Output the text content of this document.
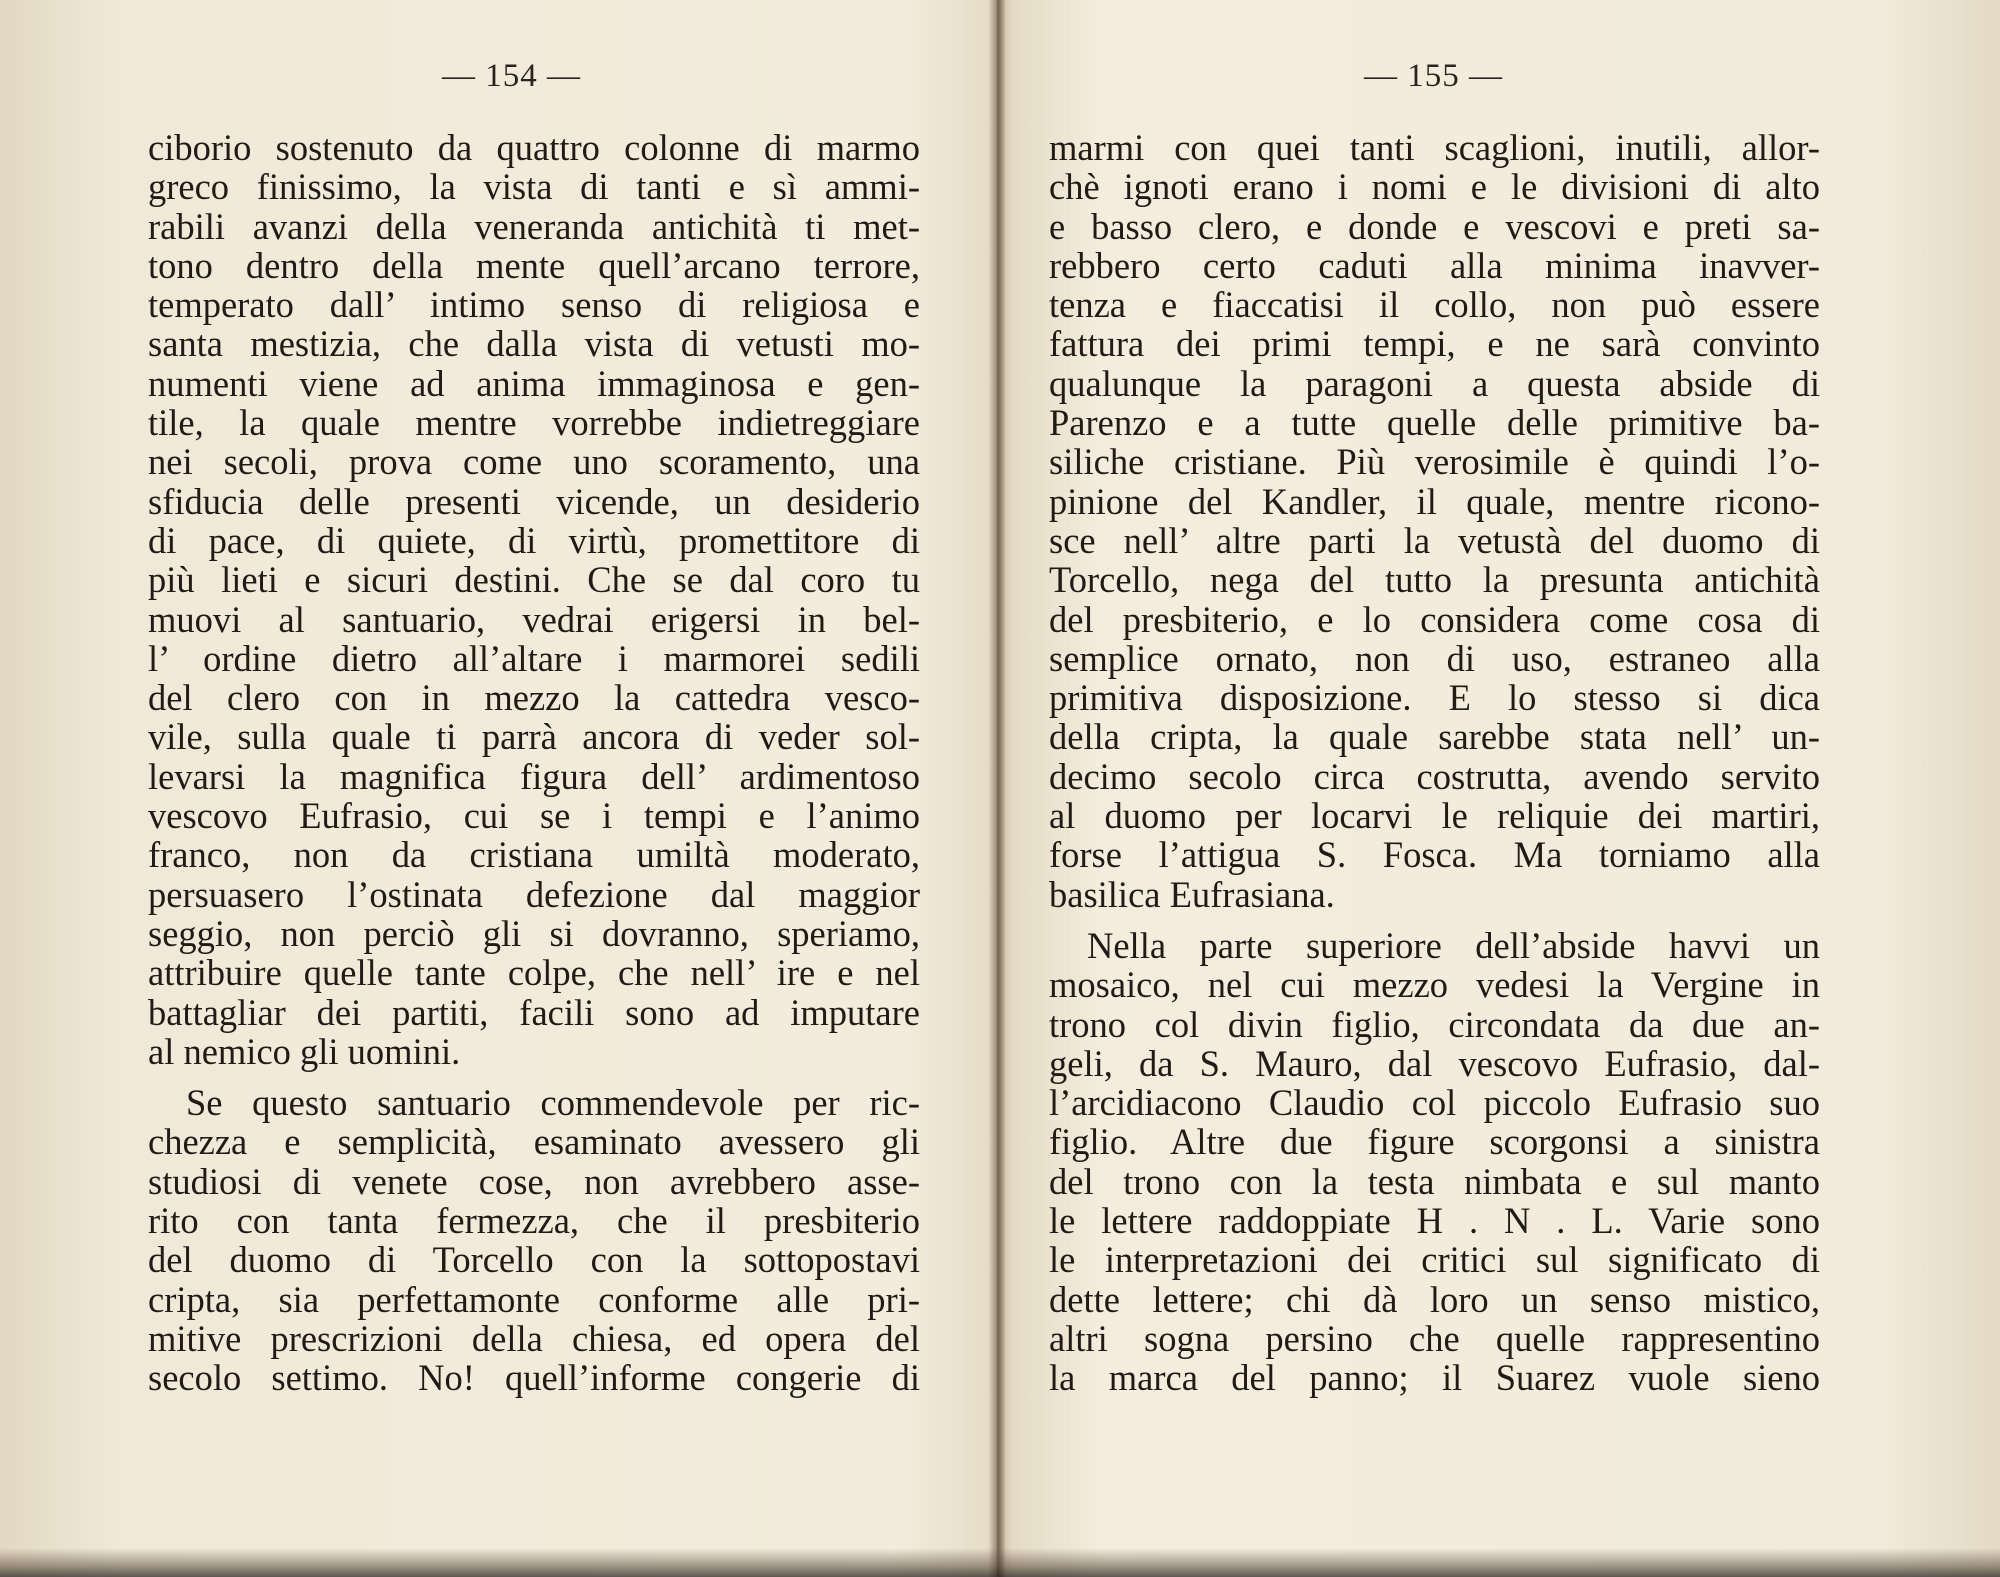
— 154 —
ciborio sostenuto da quattro colonne di marmo
greco finissimo, la vista di tanti e sì ammi-
rabili avanzi della veneranda antichità ti met-
tono dentro della mente quell’arcano terrore,
temperato dall’ intimo senso di religiosa e
santa mestizia, che dalla vista di vetusti mo-
numenti viene ad anima immaginosa e gen-
tile, la quale mentre vorrebbe indietreggiare
nei secoli, prova come uno scoramento, una
sfiducia delle presenti vicende, un desiderio
di pace, di quiete, di virtù, promettitore di
più lieti e sicuri destini. Che se dal coro tu
muovi al santuario, vedrai erigersi in bel-
l’ ordine dietro all’altare i marmorei sedili
del clero con in mezzo la cattedra vesco-
vile, sulla quale ti parrà ancora di veder sol-
levarsi la magnifica figura dell’ ardimentoso
vescovo Eufrasio, cui se i tempi e l’animo
franco, non da cristiana umiltà moderato,
persuasero l’ostinata defezione dal maggior
seggio, non perciò gli si dovranno, speriamo,
attribuire quelle tante colpe, che nell’ ire e nel
battagliar dei partiti, facili sono ad imputare
al nemico gli uomini.
Se questo santuario commendevole per ric-
chezza e semplicità, esaminato avessero gli
studiosi di venete cose, non avrebbero asse-
rito con tanta fermezza, che il presbiterio
del duomo di Torcello con la sottopostavi
cripta, sia perfettamonte conforme alle pri-
mitive prescrizioni della chiesa, ed opera del
secolo settimo. No! quell’informe congerie di
— 155 —
marmi con quei tanti scaglioni, inutili, allor-
chè ignoti erano i nomi e le divisioni di alto
e basso clero, e donde e vescovi e preti sa-
rebbero certo caduti alla minima inavver-
tenza e fiaccatisi il collo, non può essere
fattura dei primi tempi, e ne sarà convinto
qualunque la paragoni a questa abside di
Parenzo e a tutte quelle delle primitive ba-
siliche cristiane. Più verosimile è quindi l’o-
pinione del Kandler, il quale, mentre ricono-
sce nell’ altre parti la vetustà del duomo di
Torcello, nega del tutto la presunta antichità
del presbiterio, e lo considera come cosa di
semplice ornato, non di uso, estraneo alla
primitiva disposizione. E lo stesso si dica
della cripta, la quale sarebbe stata nell’ un-
decimo secolo circa costrutta, avendo servito
al duomo per locarvi le reliquie dei martiri,
forse l’attigua S. Fosca. Ma torniamo alla
basilica Eufrasiana.
Nella parte superiore dell’abside havvi un
mosaico, nel cui mezzo vedesi la Vergine in
trono col divin figlio, circondata da due an-
geli, da S. Mauro, dal vescovo Eufrasio, dal-
l’arcidiacono Claudio col piccolo Eufrasio suo
figlio. Altre due figure scorgonsi a sinistra
del trono con la testa nimbata e sul manto
le lettere raddoppiate H . N . L. Varie sono
le interpretazioni dei critici sul significato di
dette lettere; chi dà loro un senso mistico,
altri sogna persino che quelle rappresentino
la marca del panno; il Suarez vuole sieno
